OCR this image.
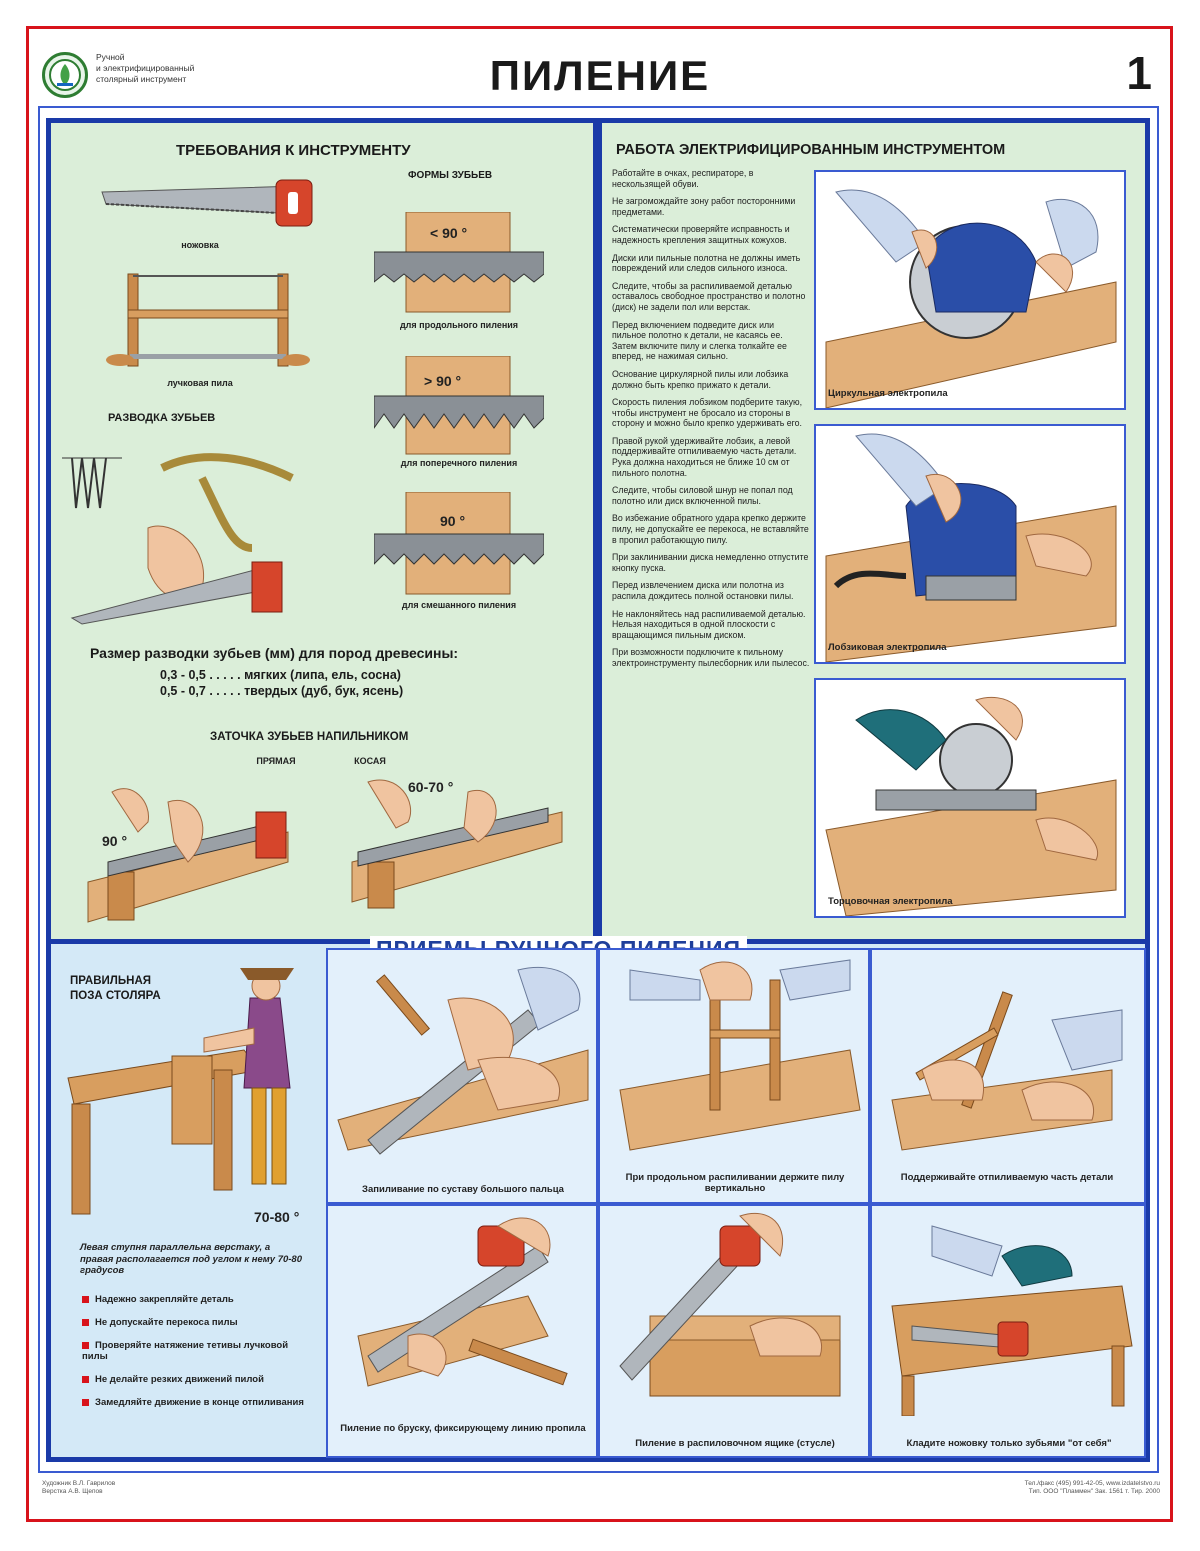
Ручной
и электрифицированный
столярный инструмент	ПИЛЕНИЕ	1
ТРЕБОВАНИЯ К ИНСТРУМЕНТУ
ножовка
лучковая пила
РАЗВОДКА ЗУБЬЕВ
ФОРМЫ ЗУБЬЕВ
< 90 °
для продольного пиления
> 90 °
для поперечного пиления
90 °
для смешанного пиления
Размер разводки зубьев (мм) для пород древесины:
0,3 - 0,5 . . . . . мягких (липа, ель, сосна)
0,5 - 0,7 . . . . . твердых (дуб, бук, ясень)
ЗАТОЧКА ЗУБЬЕВ НАПИЛЬНИКОМ
ПРЯМАЯ	КОСАЯ
90 °
60-70 °
РАБОТА ЭЛЕКТРИФИЦИРОВАННЫМ ИНСТРУМЕНТОМ

Работайте в очках, респираторе, в нескользящей обуви.

Не загромождайте зону работ посторонними предметами.

Систематически проверяйте исправность и надежность крепления защитных кожухов.

Диски или пильные полотна не должны иметь повреждений или следов сильного износа.

Следите, чтобы за распиливаемой деталью оставалось свободное пространство и полотно (диск) не задели пол или верстак.

Перед включением подведите диск или пильное полотно к детали, не касаясь ее. Затем включите пилу и слегка толкайте ее вперед, не нажимая сильно.

Основание циркулярной пилы или лобзика должно быть крепко прижато к детали.

Скорость пиления лобзиком подберите такую, чтобы инструмент не бросало из стороны в сторону и можно было крепко удерживать его.

Правой рукой удерживайте лобзик, а левой поддерживайте отпиливаемую часть детали. Рука должна находиться не ближе 10 см от пильного полотна.

Следите, чтобы силовой шнур не попал под полотно или диск включенной пилы.

Во избежание обратного удара крепко держите пилу, не допускайте ее перекоса, не вставляйте в пропил работающую пилу.

При заклинивании диска немедленно отпустите кнопку пуска.

Перед извлечением диска или полотна из распила дождитесь полной остановки пилы.

Не наклоняйтесь над распиливаемой деталью. Нельзя находиться в одной плоскости с вращающимся пильным диском.

При возможности подключите к пильному электроинструменту пылесборник или пылесос.

Циркульная электропила
Лобзиковая электропила
Торцовочная электропила
ПРАВИЛЬНАЯ
ПОЗА СТОЛЯРА
70-80 °
Левая ступня параллельна верстаку, а правая располагается под углом к нему 70-80 градусов
Надежно закрепляйте деталь
Не допускайте перекоса пилы
Проверяйте натяжение тетивы лучковой пилы
Не делайте резких движений пилой
Замедляйте движение в конце отпиливания
Запиливание по суставу большого пальца
При продольном распиливании держите пилу вертикально
Поддерживайте отпиливаемую часть детали
Пиление по бруску, фиксирующему линию пропила
Пиление в распиловочном ящике (стусле)	Кладите ножовку только зубьями "от себя"
Художник В.Л. Гаврилов
Верстка А.В. Щепов
Тел./факс (495) 991-42-05, www.izdatelstvo.ru
Тип. ООО "Пламмен" Зак. 1561 т. Тир. 2000
